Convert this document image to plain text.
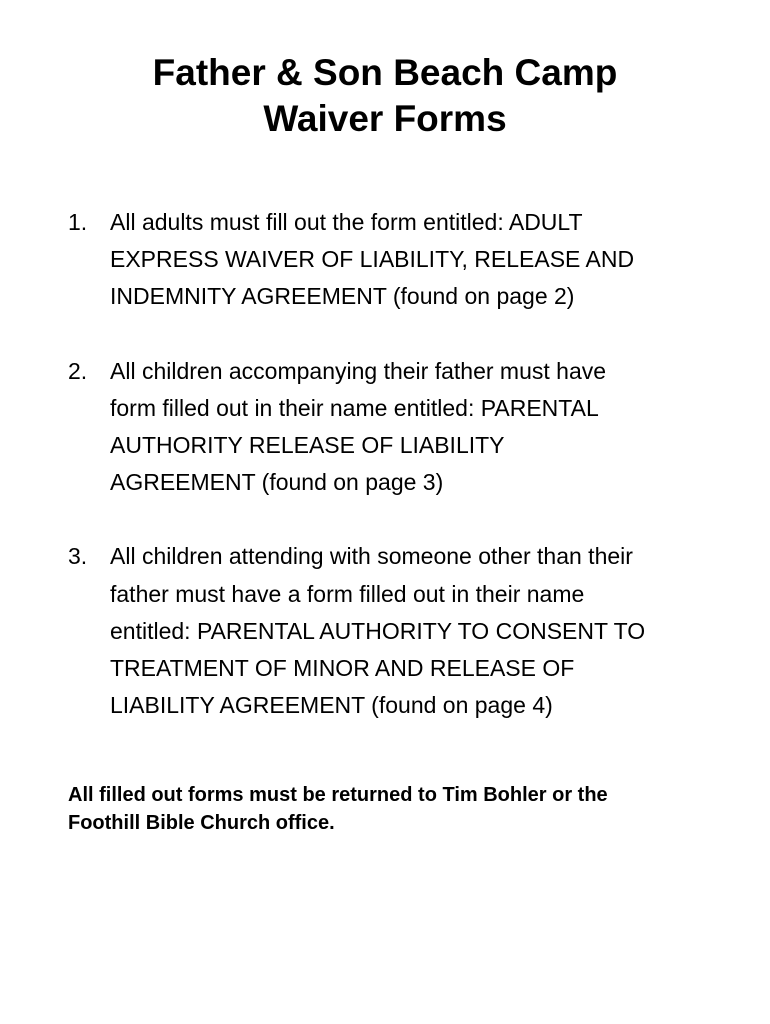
Father & Son Beach Camp
Waiver Forms
1. All adults must fill out the form entitled: ADULT
EXPRESS WAIVER OF LIABILITY, RELEASE AND
INDEMNITY AGREEMENT (found on page 2)
2. All children accompanying their father must have
form filled out in their name entitled: PARENTAL
AUTHORITY RELEASE OF LIABILITY
AGREEMENT (found on page 3)
3. All children attending with someone other than their
father must have a form filled out in their name
entitled: PARENTAL AUTHORITY TO CONSENT TO
TREATMENT OF MINOR AND RELEASE OF
LIABILITY AGREEMENT (found on page 4)

All filled out forms must be returned to Tim Bohler or the
Foothill Bible Church office.
